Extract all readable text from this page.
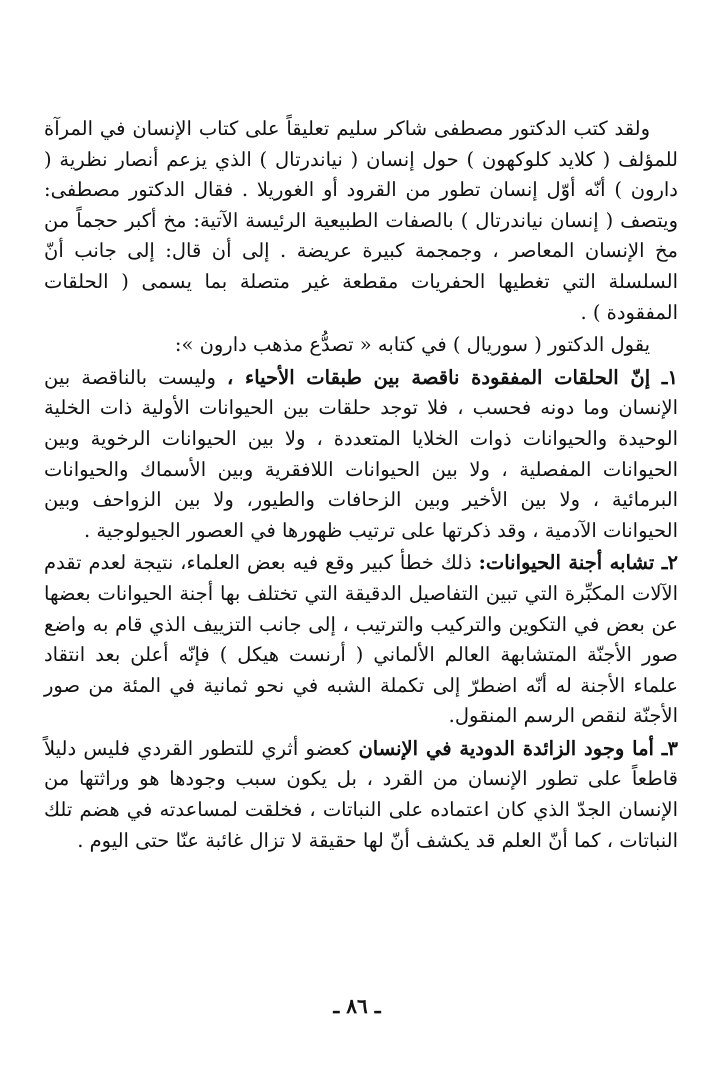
ولقد كتب الدكتور مصطفى شاكر سليم تعليقاً على كتاب الإنسان في المرآة للمؤلف ( كلايد كلوكهون ) حول إنسان ( نياندرتال ) الذي يزعم أنصار نظرية ( دارون ) أنّه أوّل إنسان تطور من القرود أو الغوريلا . فقال الدكتور مصطفى: ويتصف ( إنسان نياندرتال ) بالصفات الطبيعية الرئيسة الآتية: مخ أكبر حجماً من مخ الإنسان المعاصر ، وجمجمة كبيرة عريضة . إلى أن قال: إلى جانب أنّ السلسلة التي تغطيها الحفريات مقطعة غير متصلة بما يسمى ( الحلقات المفقودة ) .

يقول الدكتور ( سوريال ) في كتابه « تصدُّع مذهب دارون »:

١ـ إنّ الحلقات المفقودة ناقصة بين طبقات الأحياء ، وليست بالناقصة بين الإنسان وما دونه فحسب ، فلا توجد حلقات بين الحيوانات الأولية ذات الخلية الوحيدة والحيوانات ذوات الخلايا المتعددة ، ولا بين الحيوانات الرخوية وبين الحيوانات المفصلية ، ولا بين الحيوانات اللافقرية وبين الأسماك والحيوانات البرمائية ، ولا بين الأخير وبين الزحافات والطيور، ولا بين الزواحف وبين الحيوانات الآدمية ، وقد ذكرتها على ترتيب ظهورها في العصور الجيولوجية .

٢ـ تشابه أجنة الحيوانات: ذلك خطأ كبير وقع فيه بعض العلماء، نتيجة لعدم تقدم الآلات المكبِّرة التي تبين التفاصيل الدقيقة التي تختلف بها أجنة الحيوانات بعضها عن بعض في التكوين والتركيب والترتيب ، إلى جانب التزييف الذي قام به واضع صور الأجنّة المتشابهة العالم الألماني ( أرنست هيكل ) فإنّه أعلن بعد انتقاد علماء الأجنة له أنّه اضطرّ إلى تكملة الشبه في نحو ثمانية في المئة من صور الأجنّة لنقص الرسم المنقول.

٣ـ أما وجود الزائدة الدودية في الإنسان كعضو أثري للتطور القردي فليس دليلاً قاطعاً على تطور الإنسان من القرد ، بل يكون سبب وجودها هو وراثتها من الإنسان الجدّ الذي كان اعتماده على النباتات ، فخلقت لمساعدته في هضم تلك النباتات ، كما أنّ العلم قد يكشف أنّ لها حقيقة لا تزال غائبة عنّا حتى اليوم .

ـ ٨٦ ـ
